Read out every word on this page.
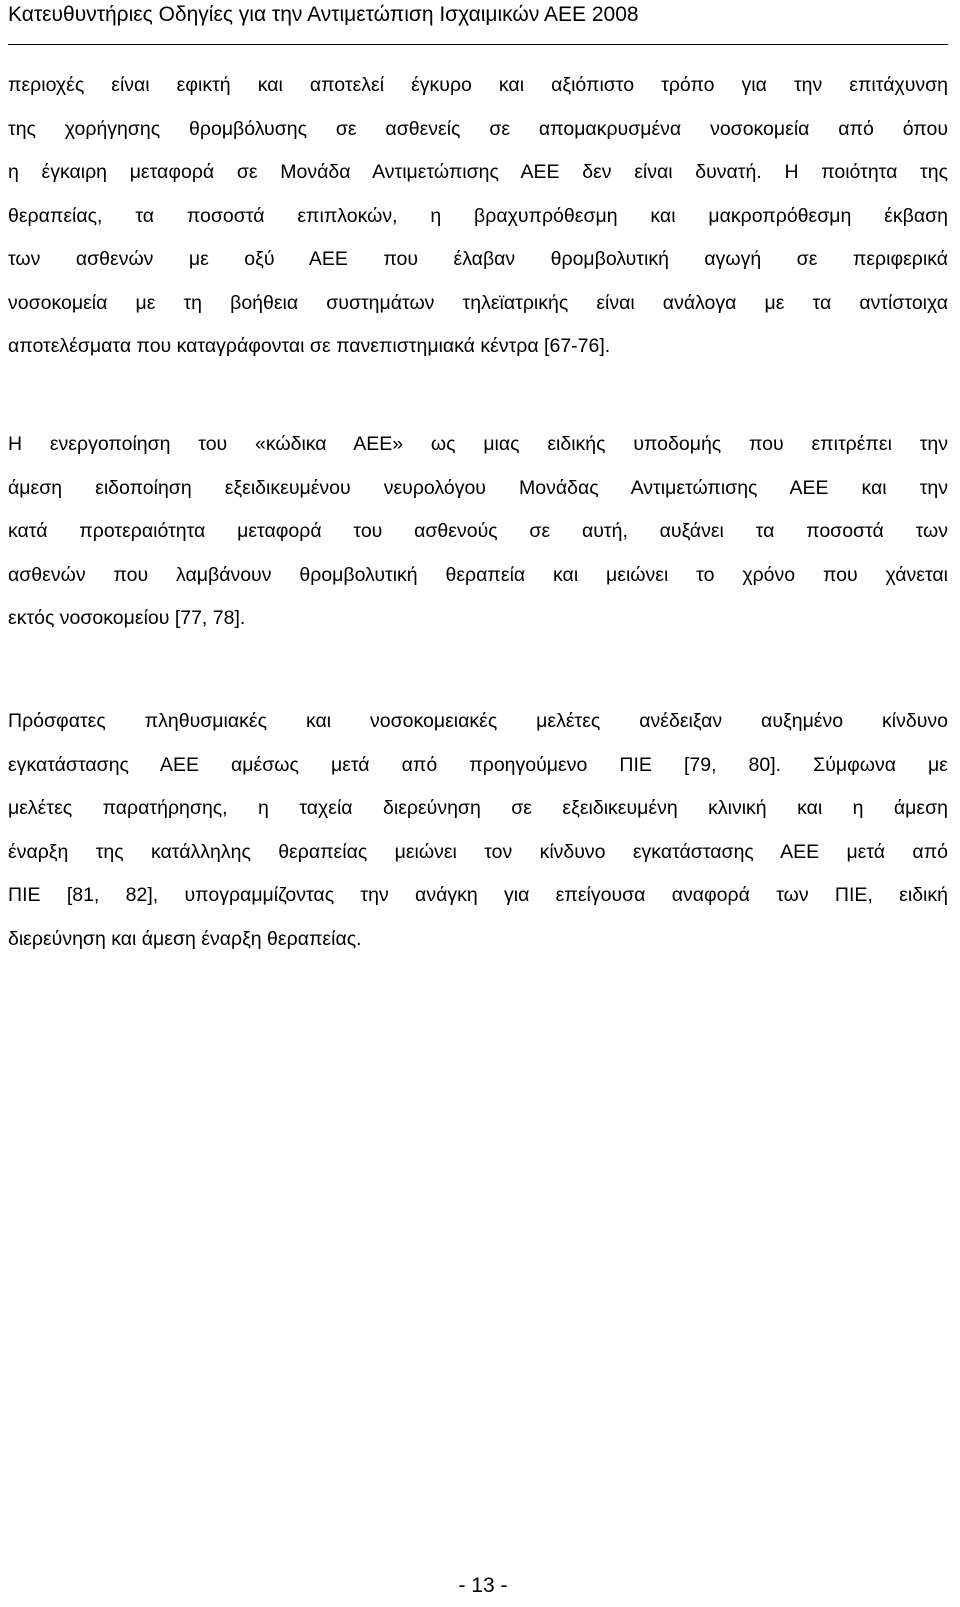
Κατευθυντήριες Οδηγίες για την Αντιμετώπιση Ισχαιμικών ΑΕΕ 2008
περιοχές είναι εφικτή και αποτελεί έγκυρο και αξιόπιστο τρόπο για την επιτάχυνση
της χορήγησης θρομβόλυσης σε ασθενείς σε απομακρυσμένα νοσοκομεία από όπου
η έγκαιρη μεταφορά σε Μονάδα Αντιμετώπισης ΑΕΕ δεν είναι δυνατή. Η ποιότητα της
θεραπείας, τα ποσοστά επιπλοκών, η βραχυπρόθεσμη και μακροπρόθεσμη έκβαση
των ασθενών με οξύ ΑΕΕ που έλαβαν θρομβολυτική αγωγή σε περιφερικά
νοσοκομεία με τη βοήθεια συστημάτων τηλεϊατρικής είναι ανάλογα με τα αντίστοιχα
αποτελέσματα που καταγράφονται σε πανεπιστημιακά κέντρα [67-76].
Η ενεργοποίηση του «κώδικα ΑΕΕ» ως μιας ειδικής υποδομής που επιτρέπει την
άμεση ειδοποίηση εξειδικευμένου νευρολόγου Μονάδας Αντιμετώπισης ΑΕΕ και την
κατά προτεραιότητα μεταφορά του ασθενούς σε αυτή, αυξάνει τα ποσοστά των
ασθενών που λαμβάνουν θρομβολυτική θεραπεία και μειώνει το χρόνο που χάνεται
εκτός νοσοκομείου [77, 78].
Πρόσφατες πληθυσμιακές και νοσοκομειακές μελέτες ανέδειξαν αυξημένο κίνδυνο
εγκατάστασης ΑΕΕ αμέσως μετά από προηγούμενο ΠΙΕ [79, 80]. Σύμφωνα με
μελέτες παρατήρησης, η ταχεία διερεύνηση σε εξειδικευμένη κλινική και η άμεση
έναρξη της κατάλληλης θεραπείας μειώνει τον κίνδυνο εγκατάστασης ΑΕΕ μετά από
ΠΙΕ [81, 82], υπογραμμίζοντας την ανάγκη για επείγουσα αναφορά των ΠΙΕ, ειδική
διερεύνηση και άμεση έναρξη θεραπείας.
- 13 -
